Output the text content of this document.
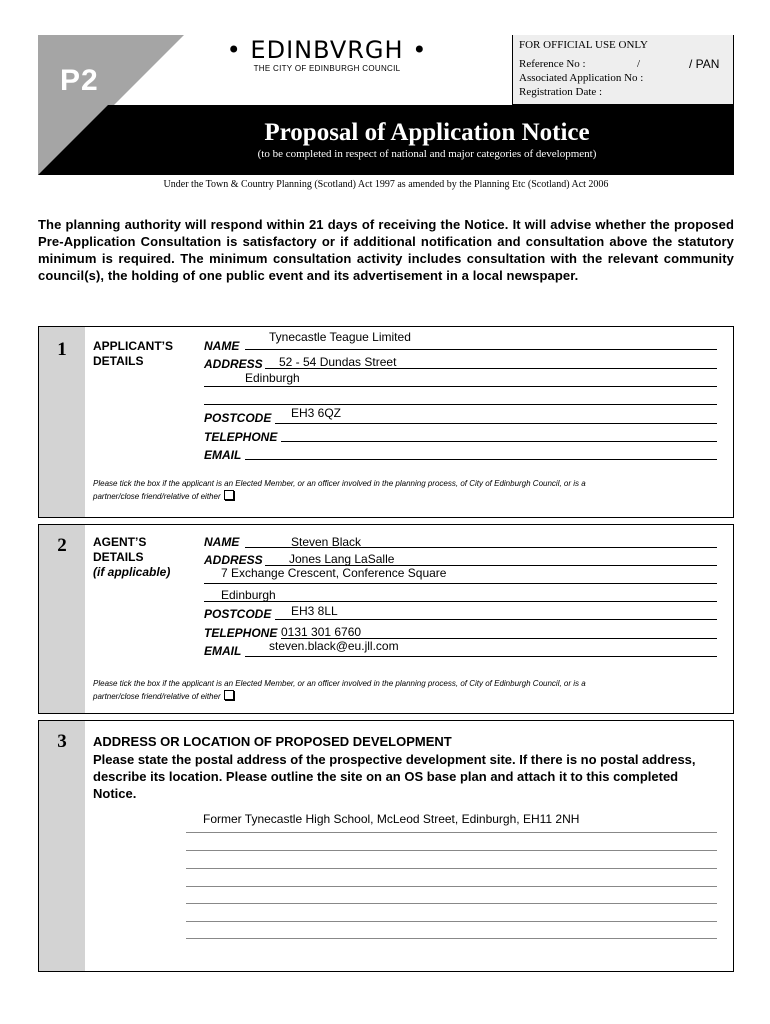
P2
• EDINBVRGH •
THE CITY OF EDINBURGH COUNCIL
FOR OFFICIAL USE ONLY
Reference No :	/	/ PAN
Associated Application No :
Registration Date :
Proposal of Application Notice
(to be completed in respect of national and major categories of development)
Under the Town & Country Planning (Scotland) Act 1997 as amended by the Planning Etc (Scotland) Act 2006
The planning authority will respond within 21 days of receiving the Notice. It will advise whether the proposed Pre-Application Consultation is satisfactory or if additional notification and consultation above the statutory minimum is required. The minimum consultation activity includes consultation with the relevant community council(s), the holding of one public event and its advertisement in a local newspaper.
1	APPLICANT’S
DETAILS
NAME
Tynecastle Teague Limited
ADDRESS 52 - 54 Dundas Street
Edinburgh
POSTCODE EH3 6QZ
TELEPHONE
EMAIL
Please tick the box if the applicant is an Elected Member, or an officer involved in the planning process, of City of Edinburgh Council, or is a
partner/close friend/relative of either
2	AGENT’S
DETAILS
(if applicable)
NAME	Steven Black
ADDRESS Jones Lang LaSalle
7 Exchange Crescent, Conference Square
Edinburgh
POSTCODE EH3 8LL
TELEPHONE 0131 301 6760
EMAIL steven.black@eu.jll.com
Please tick the box if the applicant is an Elected Member, or an officer involved in the planning process, of City of Edinburgh Council, or is a
partner/close friend/relative of either
3	ADDRESS OR LOCATION OF PROPOSED DEVELOPMENT
Please state the postal address of the prospective development site. If there is no postal address, describe its location. Please outline the site on an OS base plan and attach it to this completed Notice.
Former Tynecastle High School, McLeod Street, Edinburgh, EH11 2NH
